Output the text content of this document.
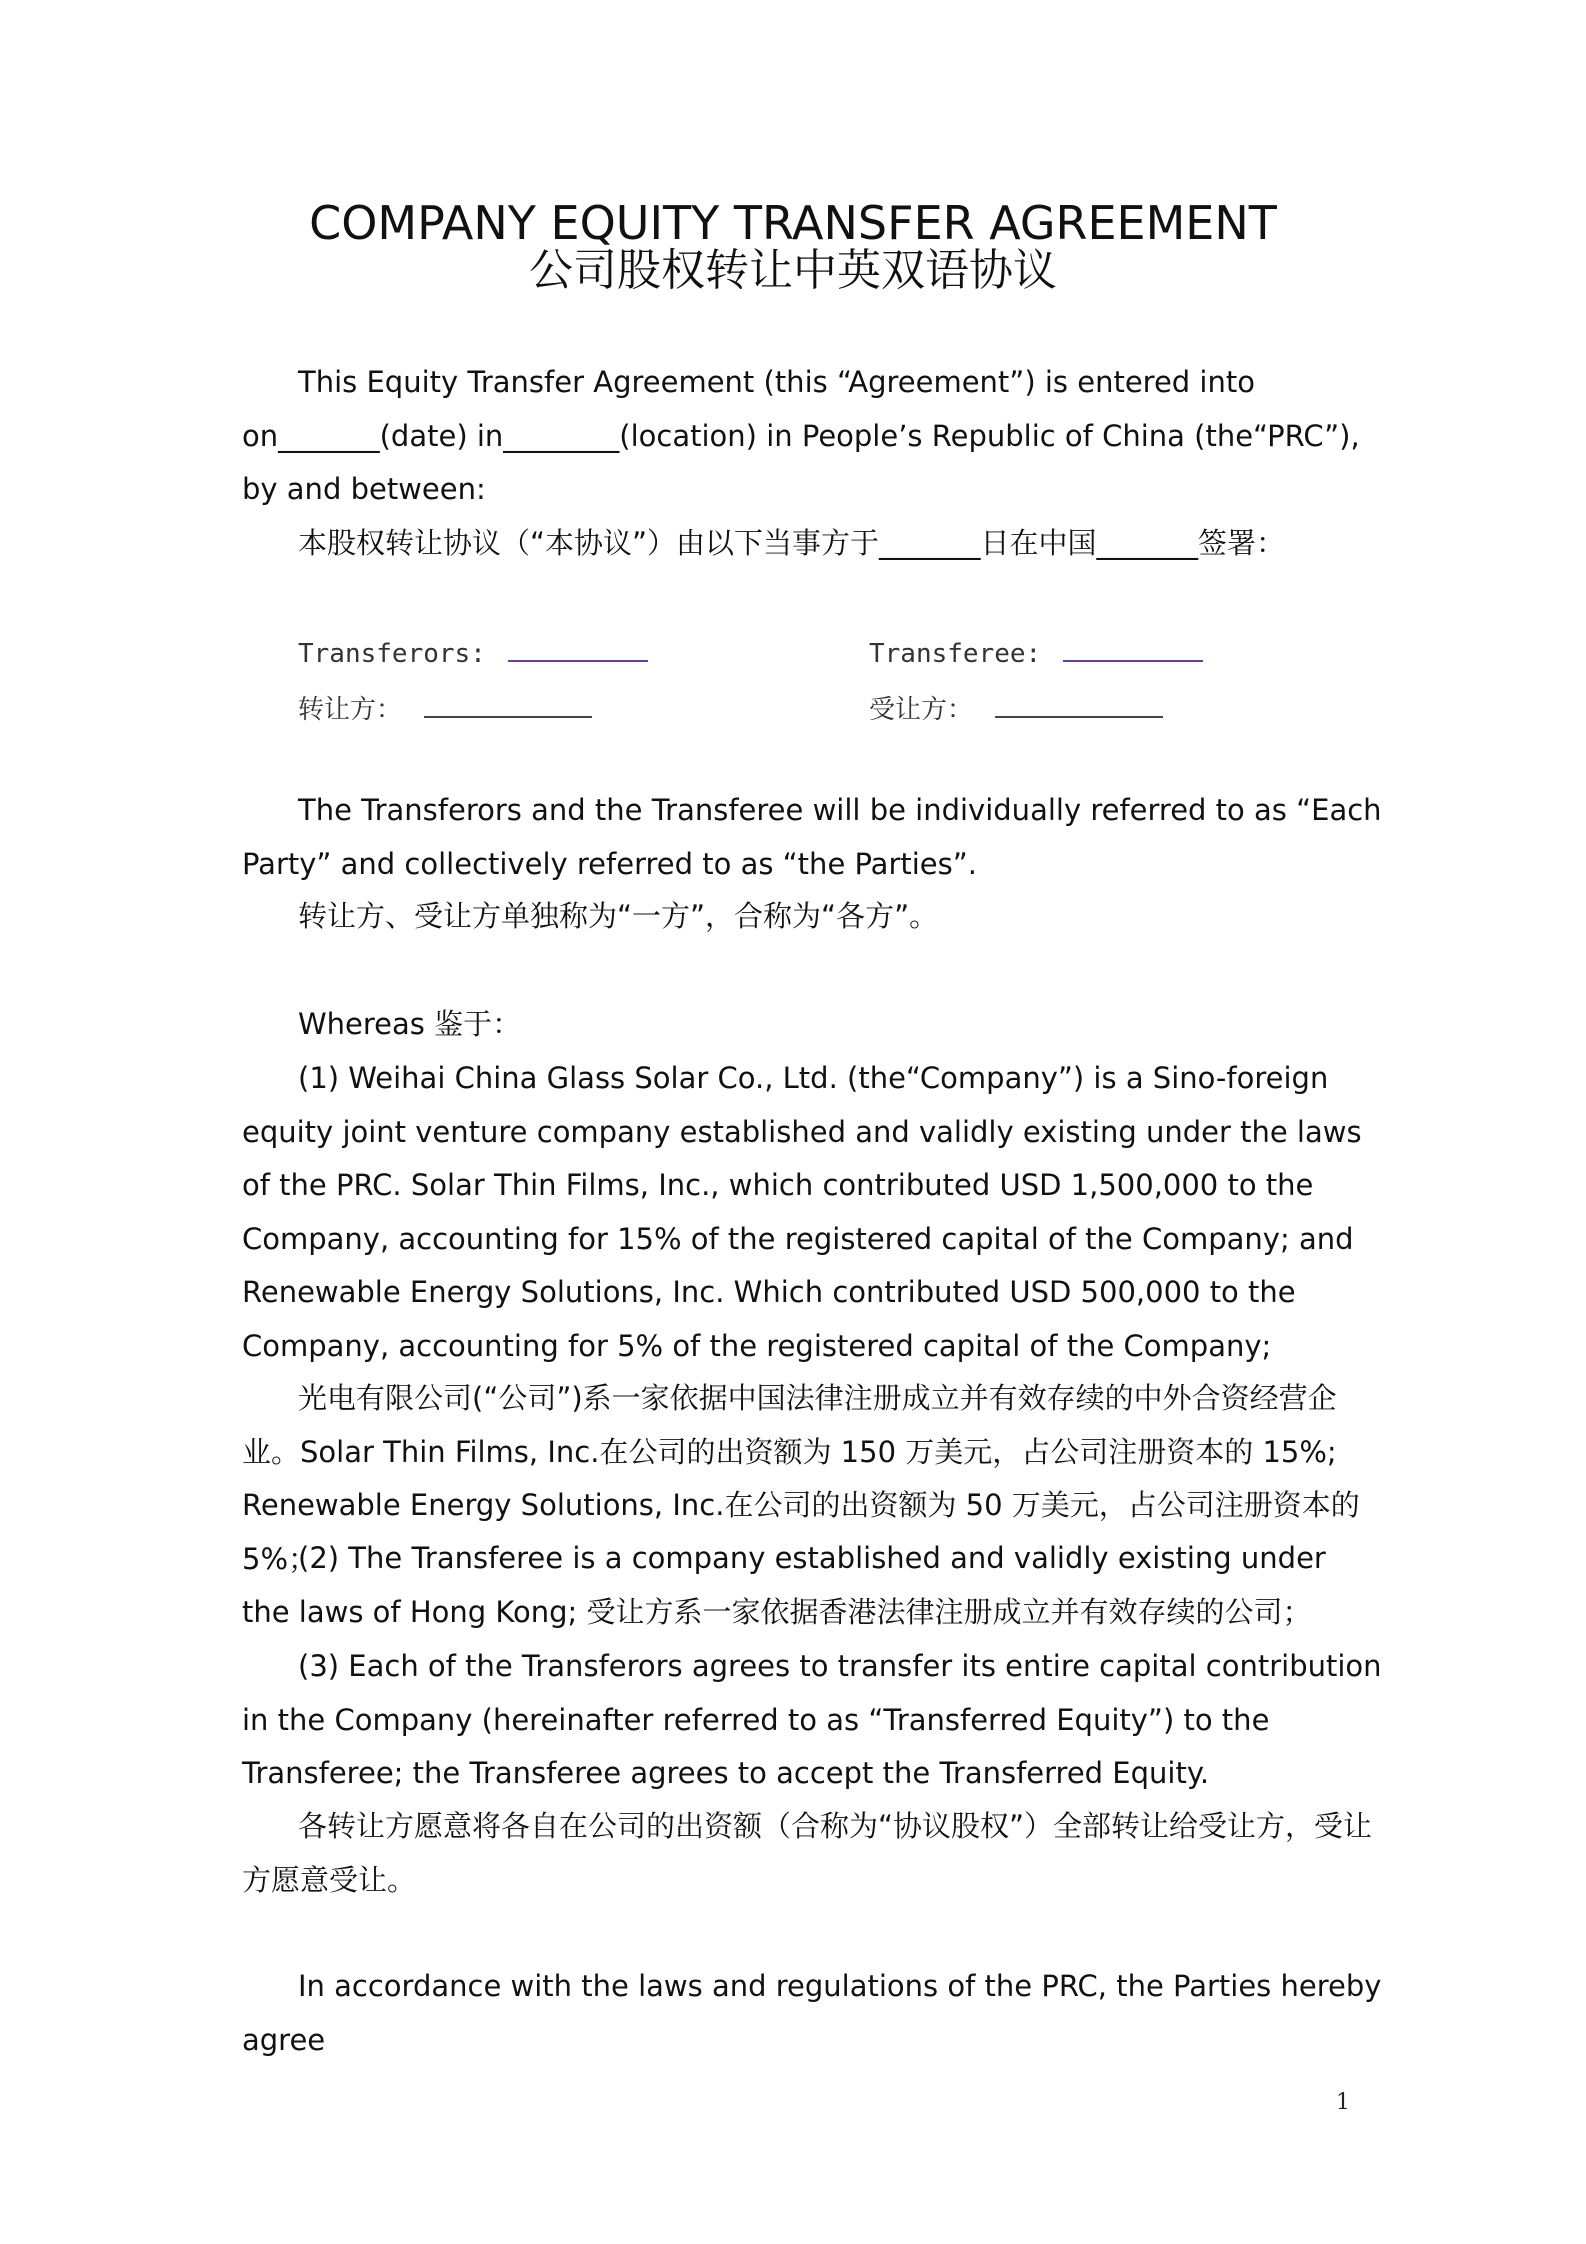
COMPANY EQUITY TRANSFER AGREEMENT
公司股权转让中英双语协议

This Equity Transfer Agreement (this “Agreement”) is entered into on_______(date) in________(location) in People’s Republic of China (the“PRC”), by and between:

本股权转让协议（“本协议”）由以下当事方于_______日在中国_______签署：

Transferors:	Transferee:
转让方：	受让方：

The Transferors and the Transferee will be individually referred to as “Each Party” and collectively referred to as “the Parties”.

转让方、受让方单独称为“一方”，合称为“各方”。

Whereas 鉴于：

(1) Weihai China Glass Solar Co., Ltd. (the“Company”) is a Sino-foreign equity joint venture company established and validly existing under the laws of the PRC. Solar Thin Films, Inc., which contributed USD 1,500,000 to the Company, accounting for 15% of the registered capital of the Company; and Renewable Energy Solutions, Inc. Which contributed USD 500,000 to the Company, accounting for 5% of the registered capital of the Company;

光电有限公司(“公司”)系一家依据中国法律注册成立并有效存续的中外合资经营企业。Solar Thin Films, Inc.在公司的出资额为 150 万美元，占公司注册资本的 15%; Renewable Energy Solutions, Inc.在公司的出资额为 50 万美元，占公司注册资本的 5%；

(2) The Transferee is a company established and validly existing under the laws of Hong Kong; 受让方系一家依据香港法律注册成立并有效存续的公司；

(3) Each of the Transferors agrees to transfer its entire capital contribution in the Company (hereinafter referred to as “Transferred Equity”) to the Transferee; the Transferee agrees to accept the Transferred Equity.

各转让方愿意将各自在公司的出资额（合称为“协议股权”）全部转让给受让方，受让方愿意受让。

In accordance with the laws and regulations of the PRC, the Parties hereby agree

1
